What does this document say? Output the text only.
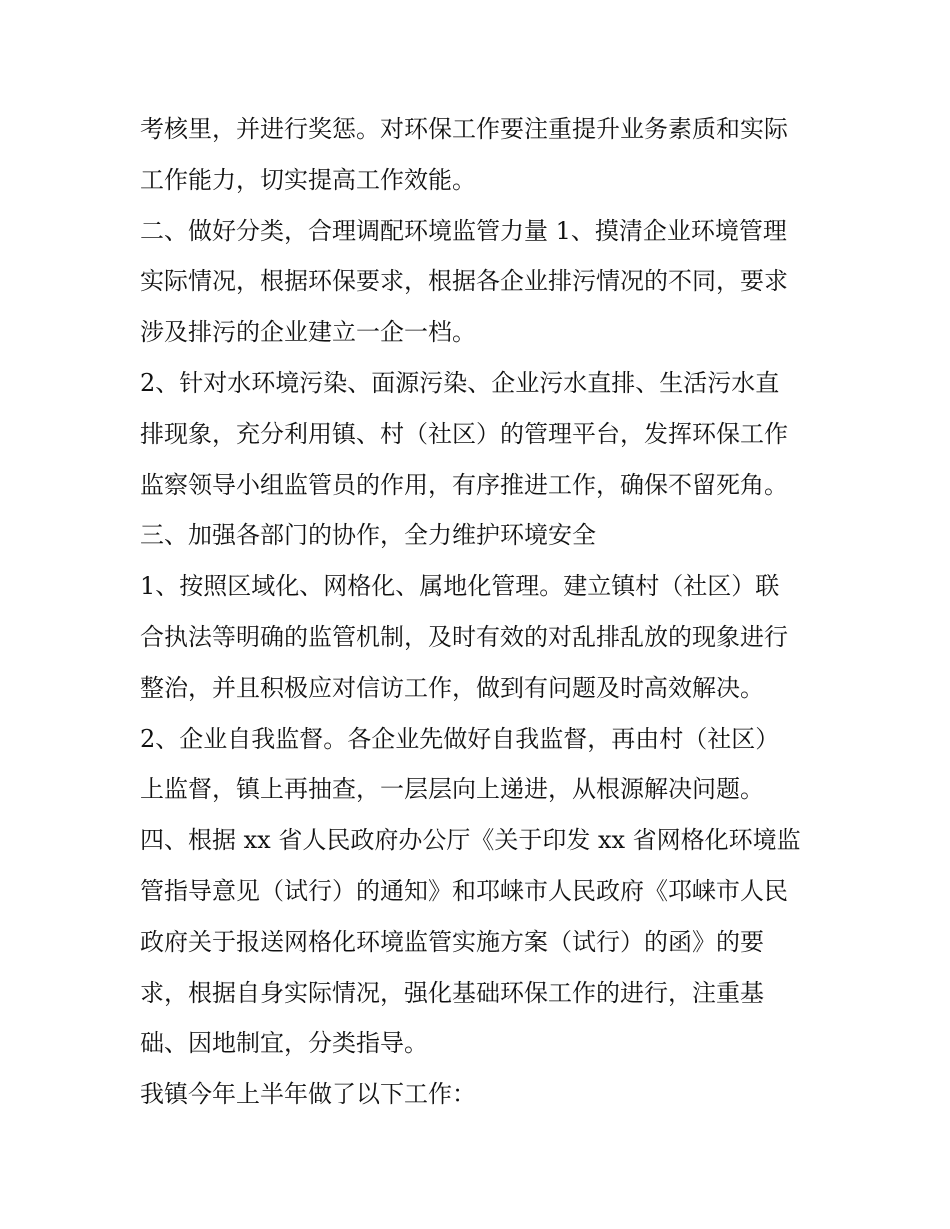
考核里，并进行奖惩。对环保工作要注重提升业务素质和实际
工作能力，切实提高工作效能。
二、做好分类，合理调配环境监管力量 1、摸清企业环境管理
实际情况，根据环保要求，根据各企业排污情况的不同，要求
涉及排污的企业建立一企一档。
2、针对水环境污染、面源污染、企业污水直排、生活污水直
排现象，充分利用镇、村（社区）的管理平台，发挥环保工作
监察领导小组监管员的作用，有序推进工作，确保不留死角。
三、加强各部门的协作，全力维护环境安全
1、按照区域化、网格化、属地化管理。建立镇村（社区）联
合执法等明确的监管机制，及时有效的对乱排乱放的现象进行
整治，并且积极应对信访工作，做到有问题及时高效解决。
2、企业自我监督。各企业先做好自我监督，再由村（社区）
上监督，镇上再抽查，一层层向上递进，从根源解决问题。
四、根据 xx 省人民政府办公厅《关于印发 xx 省网格化环境监
管指导意见（试行）的通知》和邛崃市人民政府《邛崃市人民
政府关于报送网格化环境监管实施方案（试行）的函》的要
求，根据自身实际情况，强化基础环保工作的进行，注重基
础、因地制宜，分类指导。
我镇今年上半年做了以下工作：
